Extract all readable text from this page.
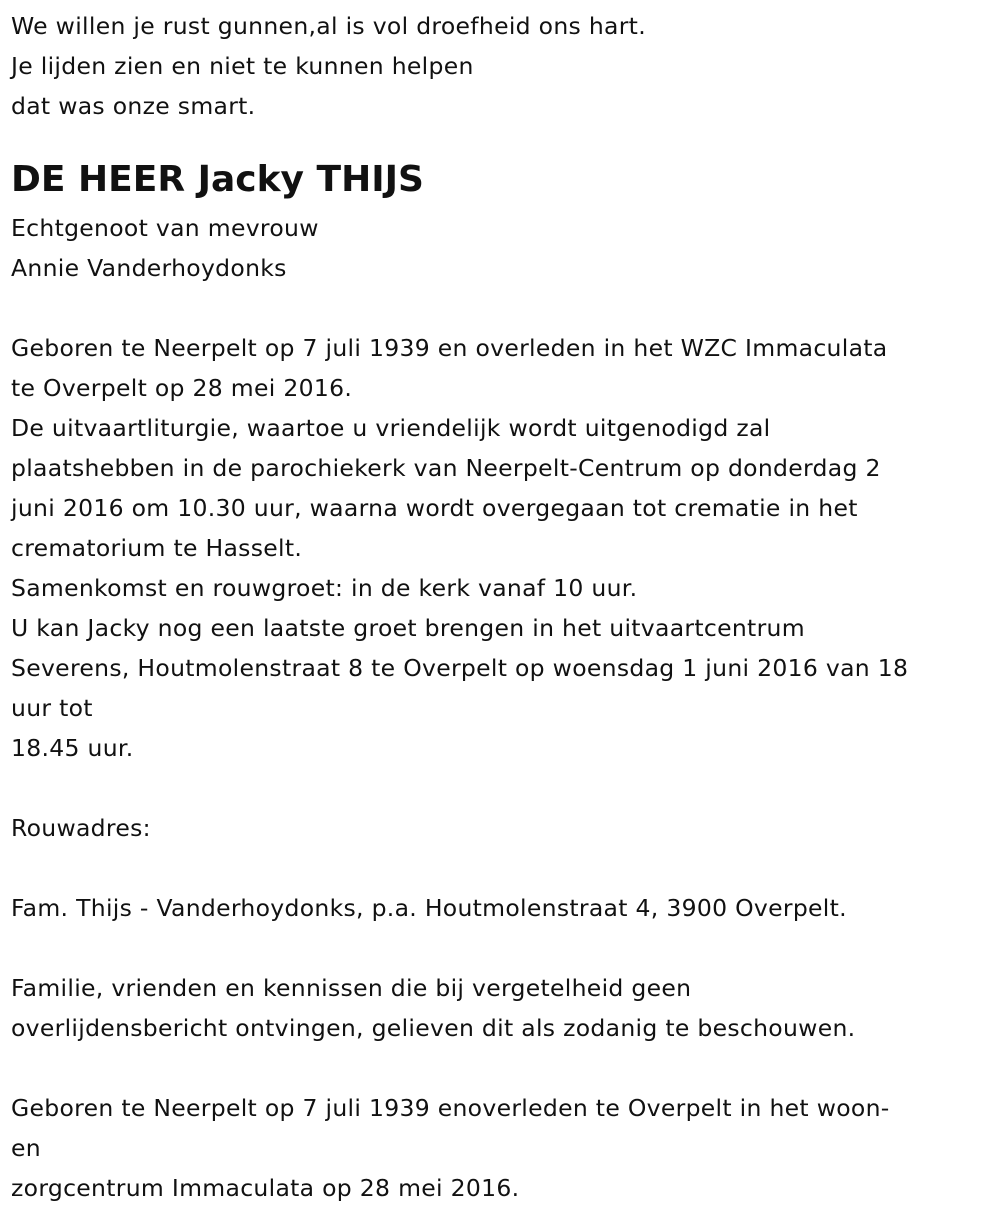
We willen je rust gunnen,al is vol droefheid ons hart.
Je lijden zien en niet te kunnen helpen
dat was onze smart.
DE HEER Jacky THIJS
Echtgenoot van mevrouw
Annie Vanderhoydonks
Geboren te Neerpelt op 7 juli 1939 en overleden in het WZC Immaculata
te Overpelt op 28 mei 2016.
De uitvaartliturgie, waartoe u vriendelijk wordt uitgenodigd zal
plaatshebben in de parochiekerk van Neerpelt-Centrum op donderdag 2
juni 2016 om 10.30 uur, waarna wordt overgegaan tot crematie in het
crematorium te Hasselt.
Samenkomst en rouwgroet: in de kerk vanaf 10 uur.
U kan Jacky nog een laatste groet brengen in het uitvaartcentrum
Severens, Houtmolenstraat 8 te Overpelt op woensdag 1 juni 2016 van 18
uur tot
18.45 uur.
Rouwadres:
Fam. Thijs - Vanderhoydonks, p.a. Houtmolenstraat 4, 3900 Overpelt.
Familie, vrienden en kennissen die bij vergetelheid geen
overlijdensbericht ontvingen, gelieven dit als zodanig te beschouwen.
Geboren te Neerpelt op 7 juli 1939 enoverleden te Overpelt in het woon-
en
zorgcentrum Immaculata op 28 mei 2016.
